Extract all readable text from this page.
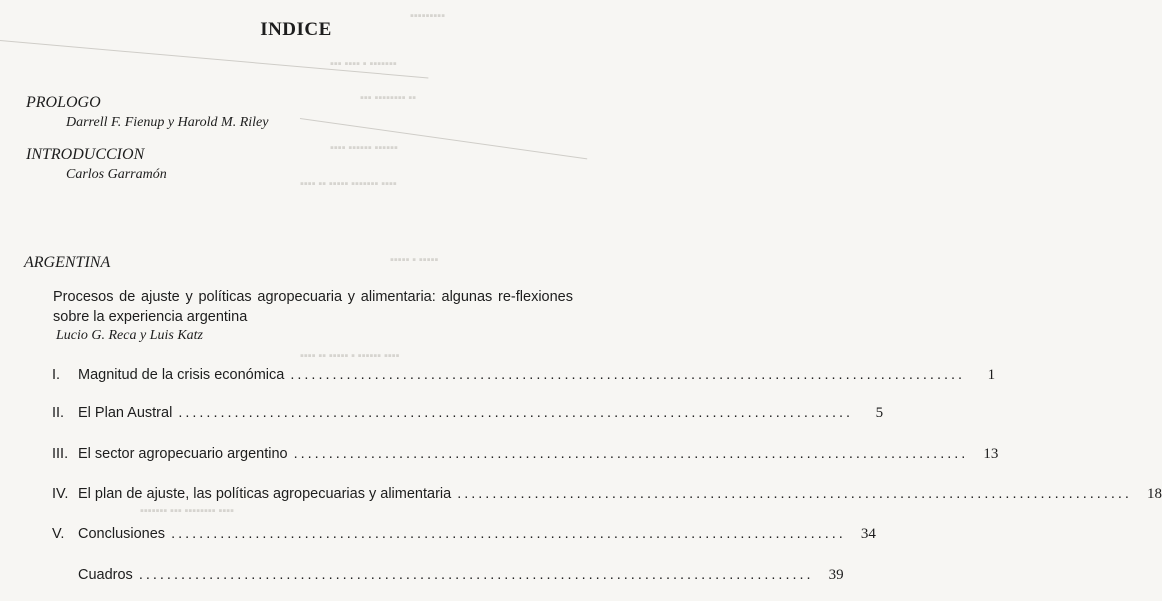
▪▪▪▪▪▪▪▪▪
▪▪▪ ▪▪▪▪ ▪ ▪▪▪▪▪▪▪
▪▪▪ ▪▪▪▪▪▪▪▪ ▪▪
▪▪▪▪ ▪▪▪▪▪▪ ▪▪▪▪▪▪
▪▪▪▪ ▪▪ ▪▪▪▪▪ ▪▪▪▪▪▪▪ ▪▪▪▪
▪▪▪▪▪ ▪ ▪▪▪▪▪
▪▪▪▪ ▪▪ ▪▪▪▪▪ ▪ ▪▪▪▪▪▪ ▪▪▪▪
▪▪▪▪▪▪▪ ▪▪▪ ▪▪▪▪▪▪▪▪ ▪▪▪▪
INDICE
PROLOGO
Darrell F. Fienup y Harold M. Riley
INTRODUCCION
Carlos Garramón
ARGENTINA
Procesos de ajuste y políticas agropecuaria y alimentaria: algunas re-flexiones sobre la experiencia argentina
Lucio G. Reca y Luis Katz
I.	Magnitud de la crisis económica ................................................................................................	1
II. El Plan Austral ................................................................................................	5
III. El sector agropecuario argentino ................................................................................................	13
IV. El plan de ajuste, las políticas agropecuarias y alimentaria ................................................................................................	18
V. Conclusiones ................................................................................................	34
Cuadros ................................................................................................	39
